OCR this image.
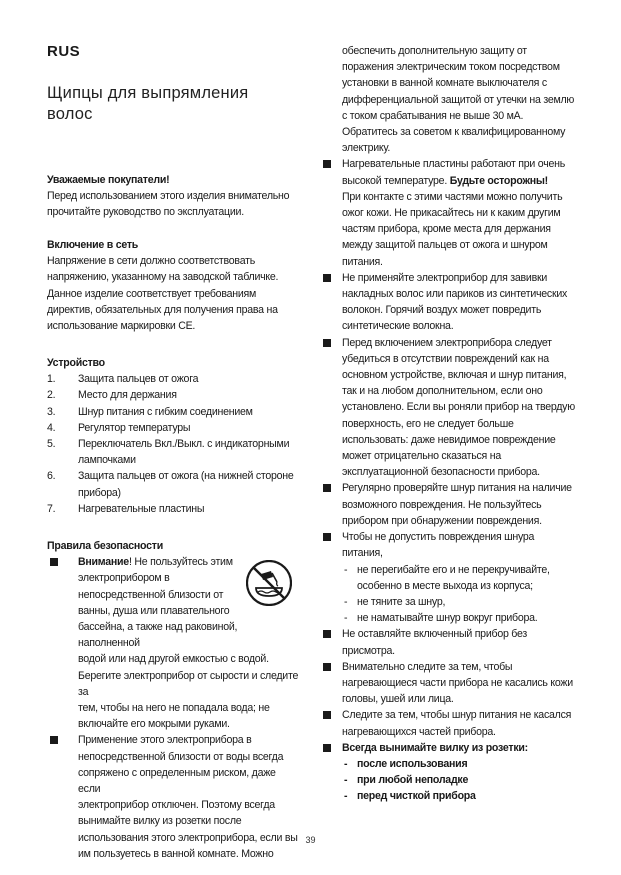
RUS
Щипцы для выпрямления
волос

Уважаемые покупатели!

Перед использованием этого изделия внимательно

прочитайте руководство по эксплуатации.

Включение в сеть

Напряжение в сети должно соответствовать

напряжению, указанному на заводской табличке.

Данное изделие соответствует требованиям

директив, обязательных для получения права на

использование маркировки CE.

Устройство

1. Защита пальцев от ожога
2. Место для держания
3. Шнур питания с гибким соединением
4. Регулятор температуры
5. Переключатель Вкл./Выкл. с индикаторными
лампочками
6. Защита пальцев от ожога (на нижней стороне
прибора)
7. Нагревательные пластины

Правила безопасности

Внимание! Не пользуйтесь этим

электроприбором в

непосредственной близости от

ванны, душа или плавательного

бассейна, а также над раковиной, наполненной

водой или над другой емкостью с водой.

Берегите электроприбор от сырости и следите за

тем, чтобы на него не попадала вода; не

включайте его мокрыми руками.

Применение этого электроприбора в

непосредственной близости от воды всегда

сопряжено с определенным риском, даже если

электроприбор отключен. Поэтому всегда

вынимайте вилку из розетки после

использования этого электроприбора, если вы

им пользуетесь в ванной комнате. Можно

обеспечить дополнительную защиту от

поражения электрическим током посредством

установки в ванной комнате выключателя с

дифференциальной защитой от утечки на землю

с током срабатывания не выше 30 мА.

Обратитесь за советом к квалифицированному

электрику.

Нагревательные пластины работают при очень

высокой температуре. Будьте осторожны!

При контакте с этими частями можно получить

ожог кожи. Не прикасайтесь ни к каким другим

частям прибора, кроме места для держания

между защитой пальцев от ожога и шнуром

питания.

Не применяйте электроприбор для завивки

накладных волос или париков из синтетических

волокон. Горячий воздух может повредить

синтетические волокна.

Перед включением электроприбора следует

убедиться в отсутствии повреждений как на

основном устройстве, включая и шнур питания,

так и на любом дополнительном, если оно

установлено. Если вы роняли прибор на твердую

поверхность, его не следует больше

использовать: даже невидимое повреждение

может отрицательно сказаться на

эксплуатационной безопасности прибора.

Регулярно проверяйте шнур питания на наличие

возможного повреждения. Не пользуйтесь

прибором при обнаружении повреждения.

Чтобы не допустить повреждения шнура

питания,

- не перегибайте его и не перекручивайте,

особенно в месте выхода из корпуса;

- не тяните за шнур,

- не наматывайте шнур вокруг прибора.

Не оставляйте включенный прибор без

присмотра.

Внимательно следите за тем, чтобы

нагревающиеся части прибора не касались кожи

головы, ушей или лица.

Следите за тем, чтобы шнур питания не касался

нагревающихся частей прибора.

Всегда вынимайте вилку из розетки:

- после использования

- при любой неполадке

- перед чисткой прибора

39
